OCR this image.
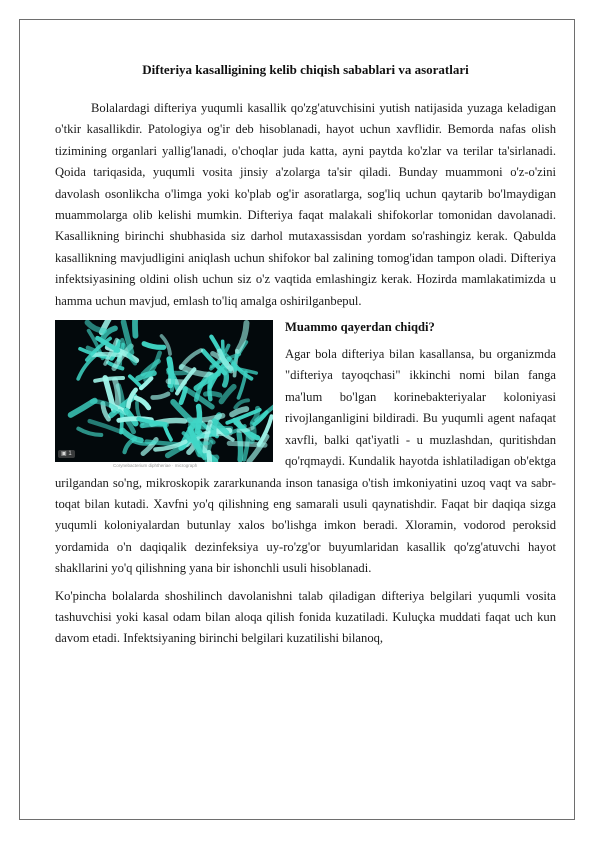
Difteriya kasalligining kelib chiqish sabablari va asoratlari

Bolalardagi difteriya yuqumli kasallik qo'zg'atuvchisini yutish natijasida yuzaga keladigan o'tkir kasallikdir. Patologiya og'ir deb hisoblanadi, hayot uchun xavflidir. Bemorda nafas olish tizimining organlari yallig'lanadi, o'choqlar juda katta, ayni paytda ko'zlar va terilar ta'sirlanadi. Qoida tariqasida, yuqumli vosita jinsiy a'zolarga ta'sir qiladi. Bunday muammoni o'z-o'zini davolash osonlikcha o'limga yoki ko'plab og'ir asoratlarga, sog'liq uchun qaytarib bo'lmaydigan muammolarga olib kelishi mumkin. Difteriya faqat malakali shifokorlar tomonidan davolanadi. Kasallikning birinchi shubhasida siz darhol mutaxassisdan yordam so'rashingiz kerak. Qabulda kasallikning mavjudligini aniqlash uchun shifokor bal zalining tomog'idan tampon oladi. Difteriya infektsiyasining oldini olish uchun siz o'z vaqtida emlashingiz kerak. Hozirda mamlakatimizda u hamma uchun mavjud, emlash to'liq amalga oshirilganbepul.

▣ 1
Corynebacterium diphtheriae · micrograph
Muammo qayerdan chiqdi?

Agar bola difteriya bilan kasallansa, bu organizmda "difteriya tayoqchasi" ikkinchi nomi bilan fanga ma'lum bo'lgan korinebakteriyalar koloniyasi rivojlanganligini bildiradi. Bu yuqumli agent nafaqat xavfli, balki qat'iyatli - u muzlashdan, quritishdan qo'rqmaydi. Kundalik hayotda ishlatiladigan ob'ektga urilgandan so'ng, mikroskopik zararkunanda inson tanasiga o'tish imkoniyatini uzoq vaqt va sabr-toqat bilan kutadi. Xavfni yo'q qilishning eng samarali usuli qaynatishdir. Faqat bir daqiqa sizga yuqumli koloniyalardan butunlay xalos bo'lishga imkon beradi. Xloramin, vodorod peroksid yordamida o'n daqiqalik dezinfeksiya uy-ro'zg'or buyumlaridan kasallik qo'zg'atuvchi hayot shakllarini yo'q qilishning yana bir ishonchli usuli hisoblanadi.

Ko'pincha bolalarda shoshilinch davolanishni talab qiladigan difteriya belgilari yuqumli vosita tashuvchisi yoki kasal odam bilan aloqa qilish fonida kuzatiladi. Kuluçka muddati faqat uch kun davom etadi. Infektsiyaning birinchi belgilari kuzatilishi bilanoq,
